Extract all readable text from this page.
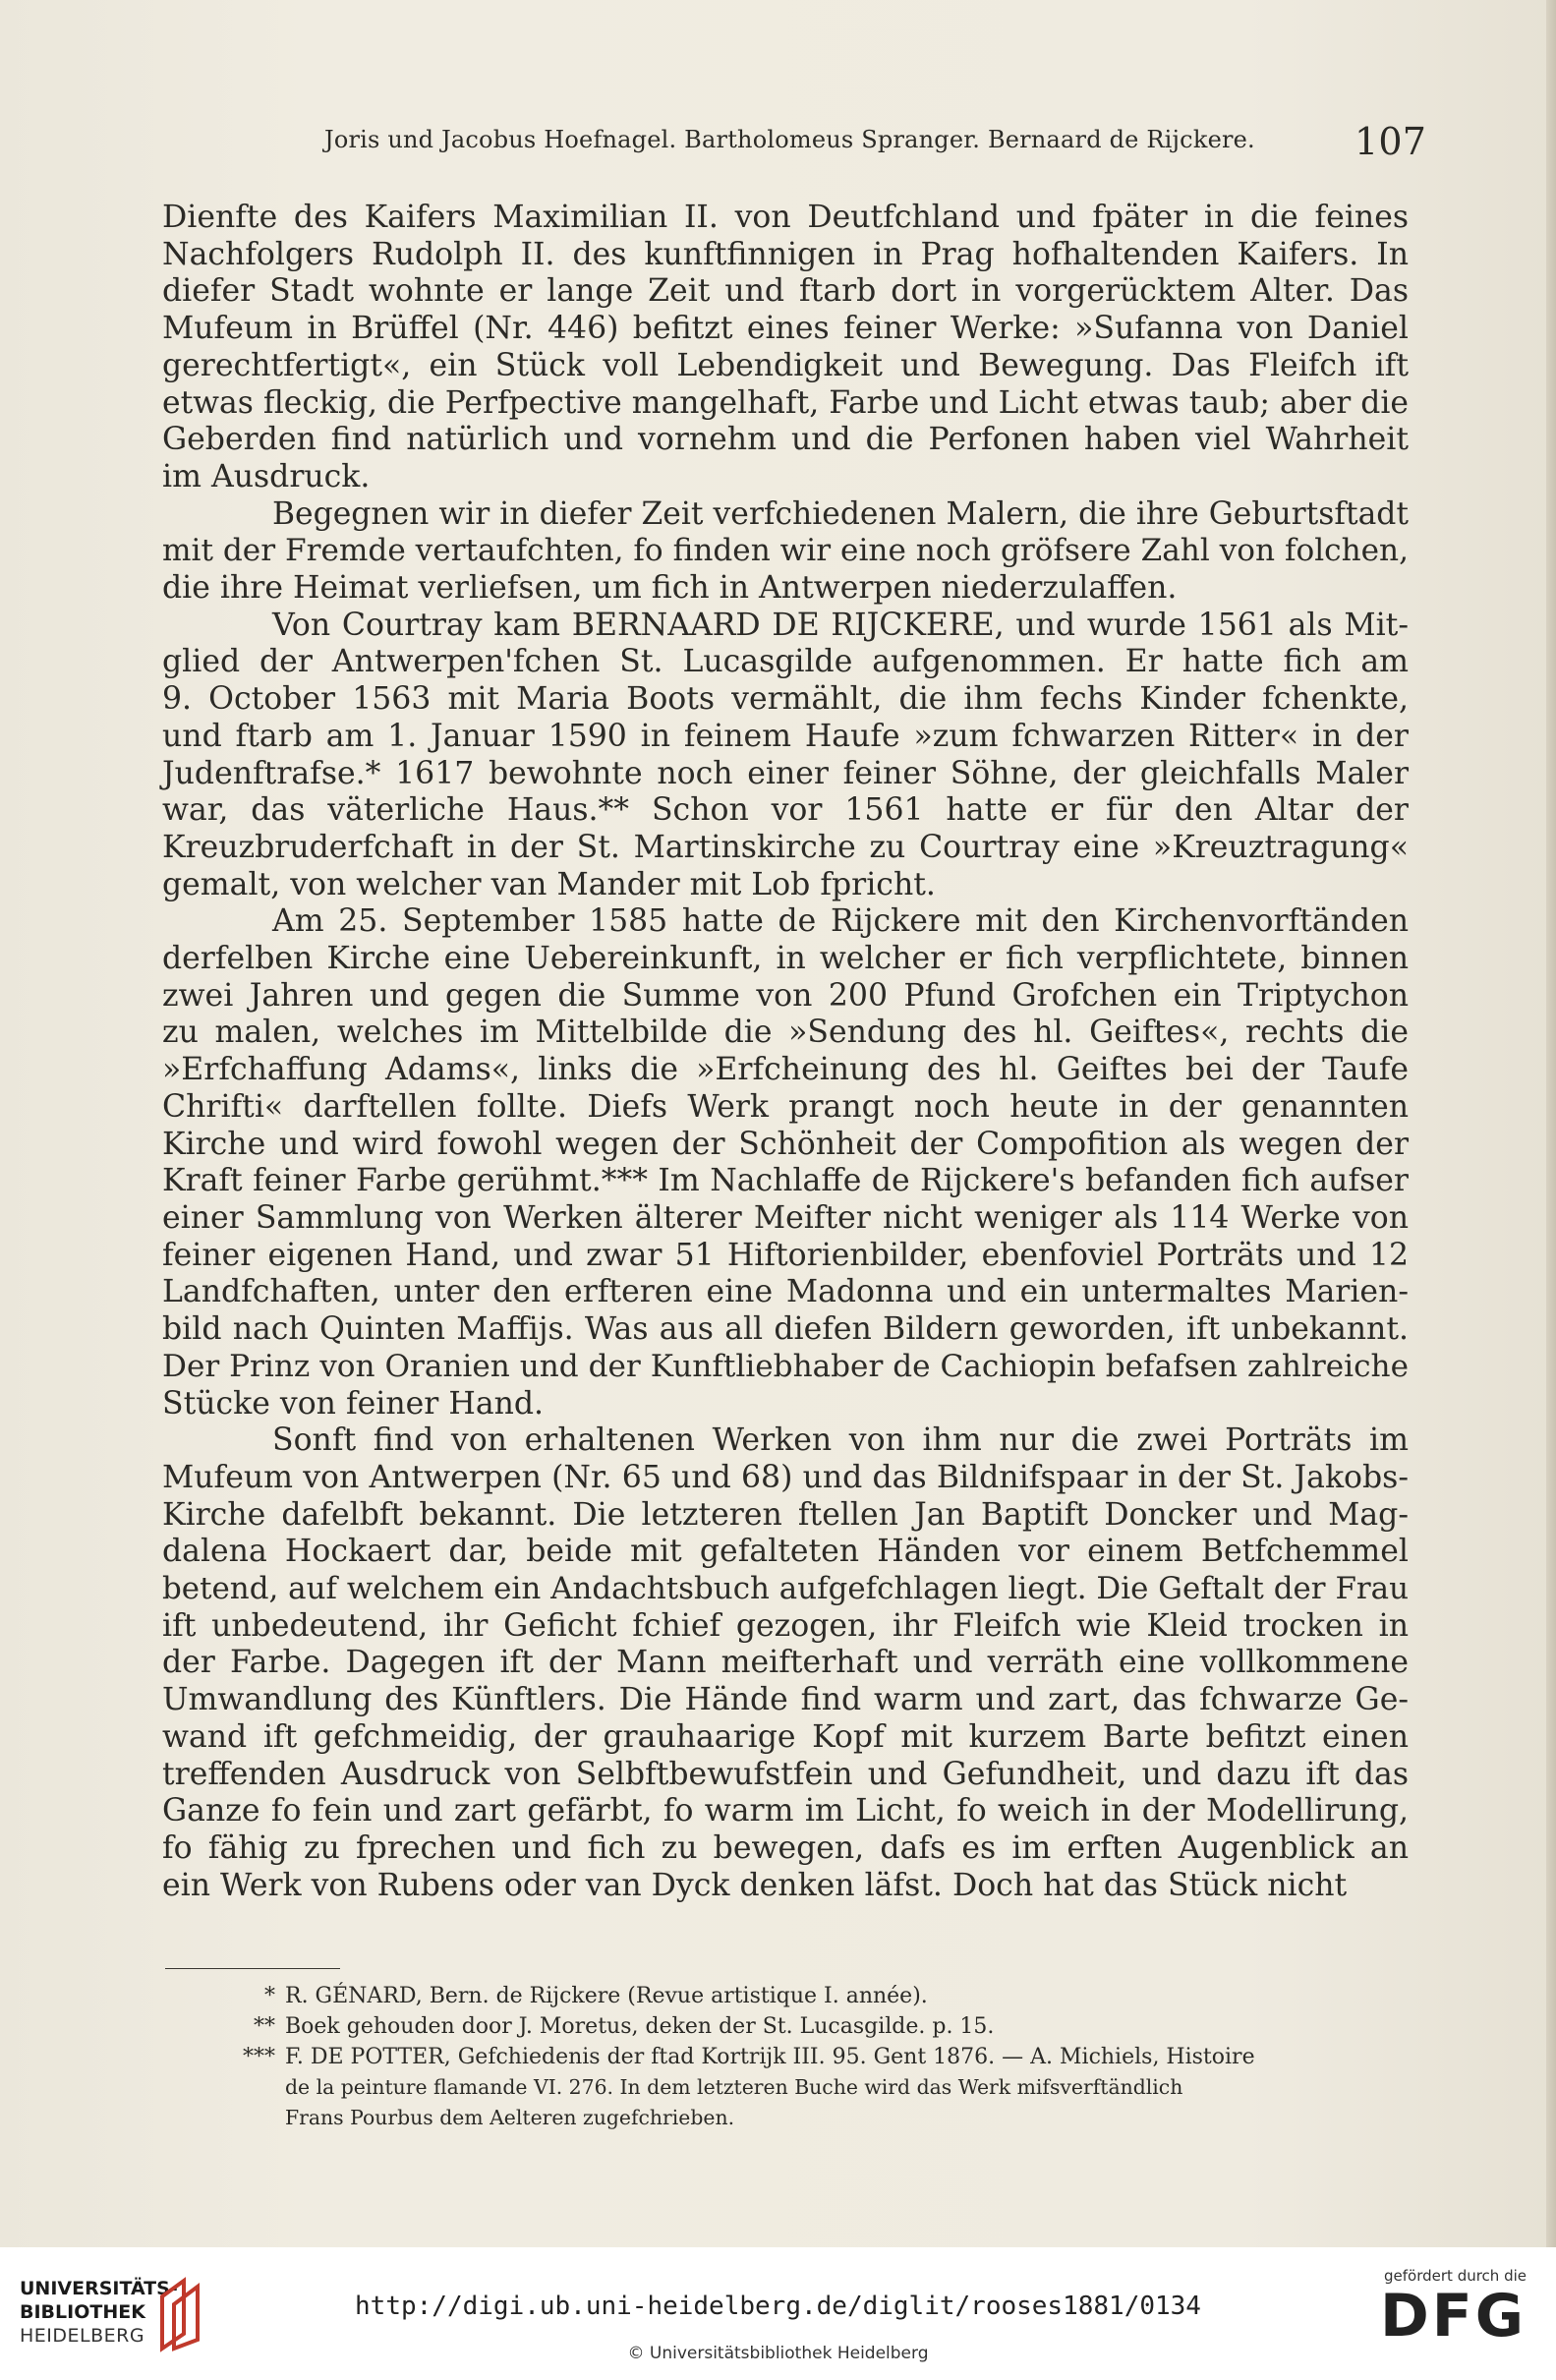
Joris und Jacobus Hoefnagel. Bartholomeus Spranger. Bernaard de Rijckere.	107

Dienfte des Kaifers Maximilian II. von Deutfchland und fpäter in die feines
Nachfolgers Rudolph II. des kunftfinnigen in Prag hofhaltenden Kaifers. In
diefer Stadt wohnte er lange Zeit und ftarb dort in vorgerücktem Alter. Das
Mufeum in Brüffel (Nr. 446) befitzt eines feiner Werke: »Sufanna von Daniel
gerechtfertigt«, ein Stück voll Lebendigkeit und Bewegung. Das Fleifch ift
etwas fleckig, die Perfpective mangelhaft, Farbe und Licht etwas taub; aber die
Geberden find natürlich und vornehm und die Perfonen haben viel Wahrheit
im Ausdruck.

Begegnen wir in diefer Zeit verfchiedenen Malern, die ihre Geburtsftadt
mit der Fremde vertaufchten, fo finden wir eine noch gröfsere Zahl von folchen,
die ihre Heimat verliefsen, um fich in Antwerpen niederzulaffen.

Von Courtray kam BERNAARD DE RIJCKERE, und wurde 1561 als Mit-
glied der Antwerpen'fchen St. Lucasgilde aufgenommen. Er hatte fich am
9. October 1563 mit Maria Boots vermählt, die ihm fechs Kinder fchenkte,
und ftarb am 1. Januar 1590 in feinem Haufe »zum fchwarzen Ritter« in der
Judenftrafse.* 1617 bewohnte noch einer feiner Söhne, der gleichfalls Maler
war, das väterliche Haus.** Schon vor 1561 hatte er für den Altar der
Kreuzbruderfchaft in der St. Martinskirche zu Courtray eine »Kreuztragung«
gemalt, von welcher van Mander mit Lob fpricht.

Am 25. September 1585 hatte de Rijckere mit den Kirchenvorftänden
derfelben Kirche eine Uebereinkunft, in welcher er fich verpflichtete, binnen
zwei Jahren und gegen die Summe von 200 Pfund Grofchen ein Triptychon
zu malen, welches im Mittelbilde die »Sendung des hl. Geiftes«, rechts die
»Erfchaffung Adams«, links die »Erfcheinung des hl. Geiftes bei der Taufe
Chrifti« darftellen follte. Diefs Werk prangt noch heute in der genannten
Kirche und wird fowohl wegen der Schönheit der Compofition als wegen der
Kraft feiner Farbe gerühmt.*** Im Nachlaffe de Rijckere's befanden fich aufser
einer Sammlung von Werken älterer Meifter nicht weniger als 114 Werke von
feiner eigenen Hand, und zwar 51 Hiftorienbilder, ebenfoviel Porträts und 12
Landfchaften, unter den erfteren eine Madonna und ein untermaltes Marien-
bild nach Quinten Maffijs. Was aus all diefen Bildern geworden, ift unbekannt.
Der Prinz von Oranien und der Kunftliebhaber de Cachiopin befafsen zahlreiche
Stücke von feiner Hand.

Sonft find von erhaltenen Werken von ihm nur die zwei Porträts im
Mufeum von Antwerpen (Nr. 65 und 68) und das Bildnifspaar in der St. Jakobs-
Kirche dafelbft bekannt. Die letzteren ftellen Jan Baptift Doncker und Mag-
dalena Hockaert dar, beide mit gefalteten Händen vor einem Betfchemmel
betend, auf welchem ein Andachtsbuch aufgefchlagen liegt. Die Geftalt der Frau
ift unbedeutend, ihr Geficht fchief gezogen, ihr Fleifch wie Kleid trocken in
der Farbe. Dagegen ift der Mann meifterhaft und verräth eine vollkommene
Umwandlung des Künftlers. Die Hände find warm und zart, das fchwarze Ge-
wand ift gefchmeidig, der grauhaarige Kopf mit kurzem Barte befitzt einen
treffenden Ausdruck von Selbftbewufstfein und Gefundheit, und dazu ift das
Ganze fo fein und zart gefärbt, fo warm im Licht, fo weich in der Modellirung,
fo fähig zu fprechen und fich zu bewegen, dafs es im erften Augenblick an
ein Werk von Rubens oder van Dyck denken läfst. Doch hat das Stück nicht

* R. GÉNARD, Bern. de Rijckere (Revue artistique I. année).
** Boek gehouden door J. Moretus, deken der St. Lucasgilde. p. 15.
*** F. DE POTTER, Gefchiedenis der ftad Kortrijk III. 95. Gent 1876. — A. Michiels, Histoire
de la peinture flamande VI. 276. In dem letzteren Buche wird das Werk mifsverftändlich
Frans Pourbus dem Aelteren zugefchrieben.
UNIVERSITÄTS-
BIBLIOTHEK
HEIDELBERG
http://digi.ub.uni-heidelberg.de/diglit/rooses1881/0134
© Universitätsbibliothek Heidelberg
gefördert durch die
DFG
